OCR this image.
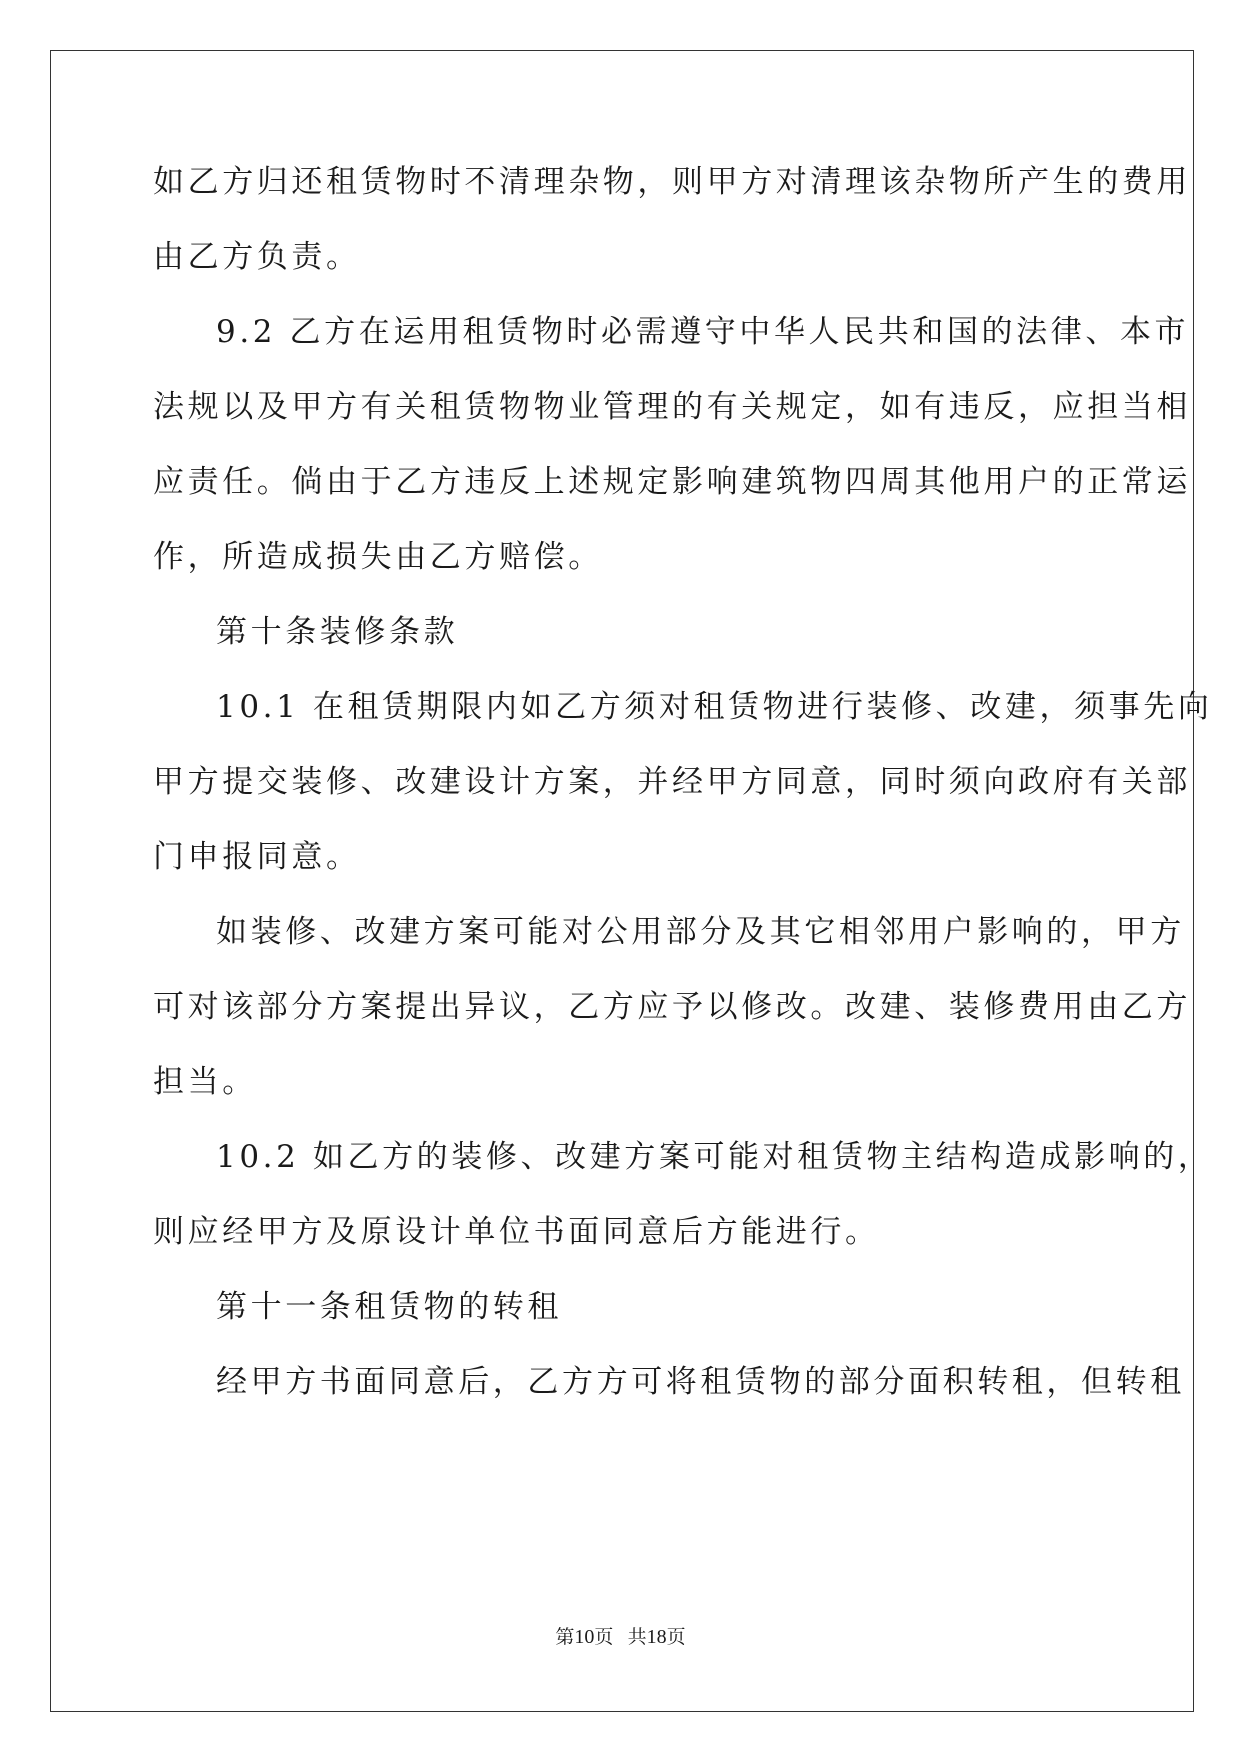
如乙方归还租赁物时不清理杂物，则甲方对清理该杂物所产生的费用
由乙方负责。
9.2 乙方在运用租赁物时必需遵守中华人民共和国的法律、本市
法规以及甲方有关租赁物物业管理的有关规定，如有违反，应担当相
应责任。倘由于乙方违反上述规定影响建筑物四周其他用户的正常运
作，所造成损失由乙方赔偿。
第十条装修条款
10.1 在租赁期限内如乙方须对租赁物进行装修、改建，须事先向
甲方提交装修、改建设计方案，并经甲方同意，同时须向政府有关部
门申报同意。
如装修、改建方案可能对公用部分及其它相邻用户影响的，甲方
可对该部分方案提出异议，乙方应予以修改。改建、装修费用由乙方
担当。
10.2 如乙方的装修、改建方案可能对租赁物主结构造成影响的，
则应经甲方及原设计单位书面同意后方能进行。
第十一条租赁物的转租
经甲方书面同意后，乙方方可将租赁物的部分面积转租，但转租
第10页   共18页
